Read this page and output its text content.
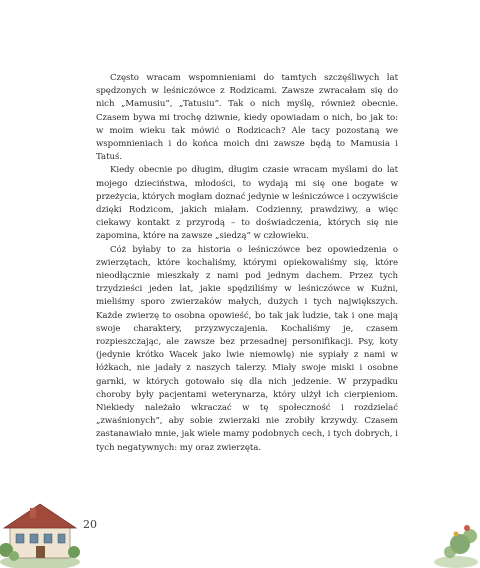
Często wracam wspomnieniami do tamtych szczęśliwych lat spędzonych w leśniczówce z Rodzicami. Zawsze zwracałam się do nich „Mamusiu”, „Tatusiu”. Tak o nich myślę, również obecnie. Czasem bywa mi trochę dziwnie, kiedy opowiadam o nich, bo jak to: w moim wieku tak mówić o Rodzicach? Ale tacy pozostaną we wspomnieniach i do końca moich dni zawsze będą to Mamusia i Tatuś.

Kiedy obecnie po długim, długim czasie wracam myślami do lat mojego dzieciństwa, młodości, to wydają mi się one bogate w przeżycia, których mogłam doznać jedynie w leśniczówce i oczywiście dzięki Rodzicom, jakich miałam. Codzienny, prawdziwy, a więc ciekawy kontakt z przyrodą – to doświadczenia, których się nie zapomina, które na zawsze „siedzą” w człowieku.

Cóż byłaby to za historia o leśniczówce bez opowiedzenia o zwierzętach, które kochaliśmy, którymi opiekowaliśmy się, które nieodłącznie mieszkały z nami pod jednym dachem. Przez tych trzydzieści jeden lat, jakie spędziliśmy w leśniczówce w Kuźni, mieliśmy sporo zwierzaków małych, dużych i tych największych. Każde zwierzę to osobna opowieść, bo tak jak ludzie, tak i one mają swoje charaktery, przyzwyczajenia. Kochaliśmy je, czasem rozpieszczając, ale zawsze bez przesadnej personifikacji. Psy, koty (jedynie krótko Wacek jako lwie niemowlę) nie sypiały z nami w łóżkach, nie jadały z naszych talerzy. Miały swoje miski i osobne garnki, w których gotowało się dla nich jedzenie. W przypadku choroby były pacjentami weterynarza, który ulżył ich cierpieniom. Niekiedy należało wkraczać w tę społeczność i rozdzielać „zwaśnionych”, aby sobie zwierzaki nie zrobiły krzywdy. Czasem zastanawiało mnie, jak wiele mamy podobnych cech, i tych dobrych, i tych negatywnych: my oraz zwierzęta.

20
